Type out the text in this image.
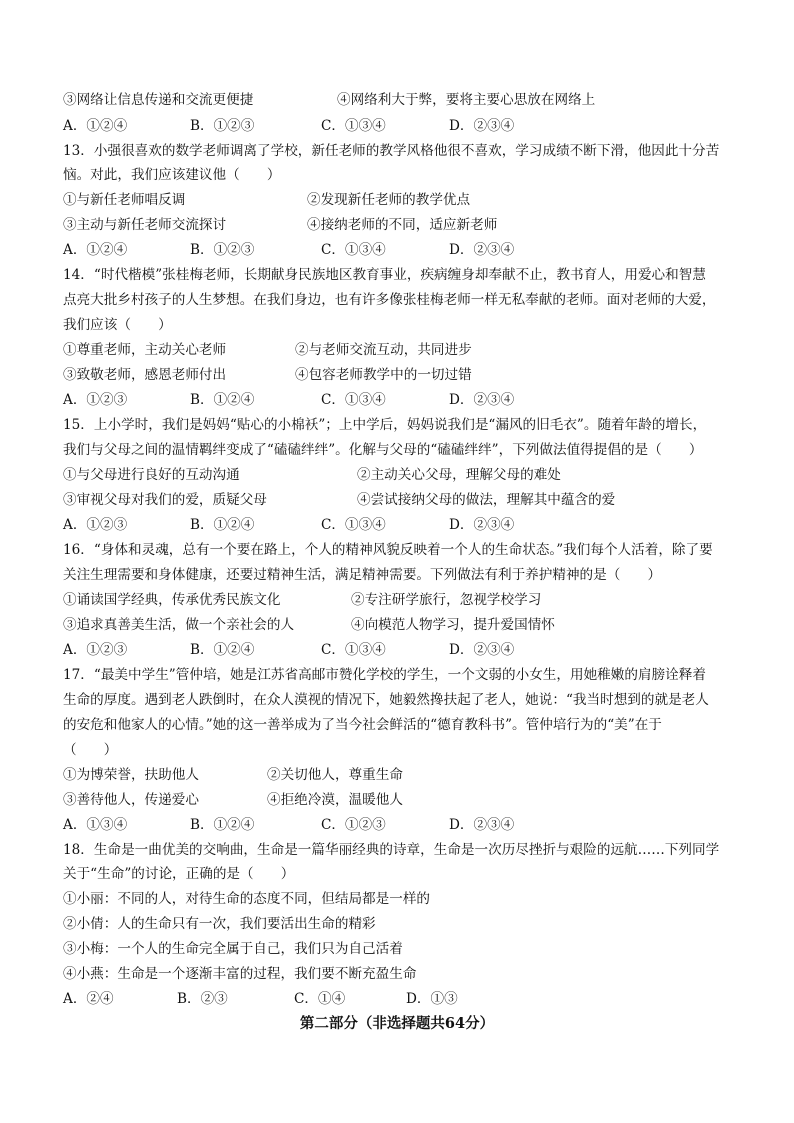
③网络让信息传递和交流更便捷	④网络利大于弊，要将主要心思放在网络上
A．①②④	B．①②③	C．①③④	D．②③④
13．小强很喜欢的数学老师调离了学校，新任老师的教学风格他很不喜欢，学习成绩不断下滑，他因此十分苦
恼。对此，我们应该建议他（　　）
①与新任老师唱反调	②发现新任老师的教学优点
③主动与新任老师交流探讨	④接纳老师的不同，适应新老师
A．①②④	B．①②③	C．①③④	D．②③④
14．“时代楷模”张桂梅老师，长期献身民族地区教育事业，疾病缠身却奉献不止，教书育人，用爱心和智慧
点亮大批乡村孩子的人生梦想。在我们身边，也有许多像张桂梅老师一样无私奉献的老师。面对老师的大爱，
我们应该（　　）
①尊重老师，主动关心老师	②与老师交流互动，共同进步
③致敬老师，感恩老师付出	④包容老师教学中的一切过错
A．①②③	B．①②④	C．①③④	D．②③④
15．上小学时，我们是妈妈“贴心的小棉袄”；上中学后，妈妈说我们是“漏风的旧毛衣”。随着年龄的增长，
我们与父母之间的温情羁绊变成了“磕磕绊绊”。化解与父母的“磕磕绊绊”，下列做法值得提倡的是（　　）
①与父母进行良好的互动沟通	②主动关心父母，理解父母的难处
③审视父母对我们的爱，质疑父母	④尝试接纳父母的做法，理解其中蕴含的爱
A．①②③	B．①②④	C．①③④	D．②③④
16．“身体和灵魂，总有一个要在路上，个人的精神风貌反映着一个人的生命状态。”我们每个人活着，除了要
关注生理需要和身体健康，还要过精神生活，满足精神需要。下列做法有利于养护精神的是（　　）
①诵读国学经典，传承优秀民族文化	②专注研学旅行，忽视学校学习
③追求真善美生活，做一个亲社会的人	④向模范人物学习，提升爱国情怀
A．①②③	B．①②④	C．①③④	D．②③④
17．“最美中学生”管仲培，她是江苏省高邮市赞化学校的学生，一个文弱的小女生，用她稚嫩的肩膀诠释着
生命的厚度。遇到老人跌倒时，在众人漠视的情况下，她毅然搀扶起了老人，她说：“我当时想到的就是老人
的安危和他家人的心情。”她的这一善举成为了当今社会鲜活的“德育教科书”。管仲培行为的“美”在于
（　　）
①为博荣誉，扶助他人	②关切他人，尊重生命
③善待他人，传递爱心	④拒绝冷漠，温暖他人
A．①③④	B．①②④	C．①②③	D．②③④
18．生命是一曲优美的交响曲，生命是一篇华丽经典的诗章，生命是一次历尽挫折与艰险的远航……下列同学
关于“生命”的讨论，正确的是（　　）
①小丽：不同的人，对待生命的态度不同，但结局都是一样的
②小倩：人的生命只有一次，我们要活出生命的精彩
③小梅：一个人的生命完全属于自己，我们只为自己活着
④小燕：生命是一个逐渐丰富的过程，我们要不断充盈生命
A．②④	B．②③	C．①④	D．①③
第二部分（非选择题共64分）
